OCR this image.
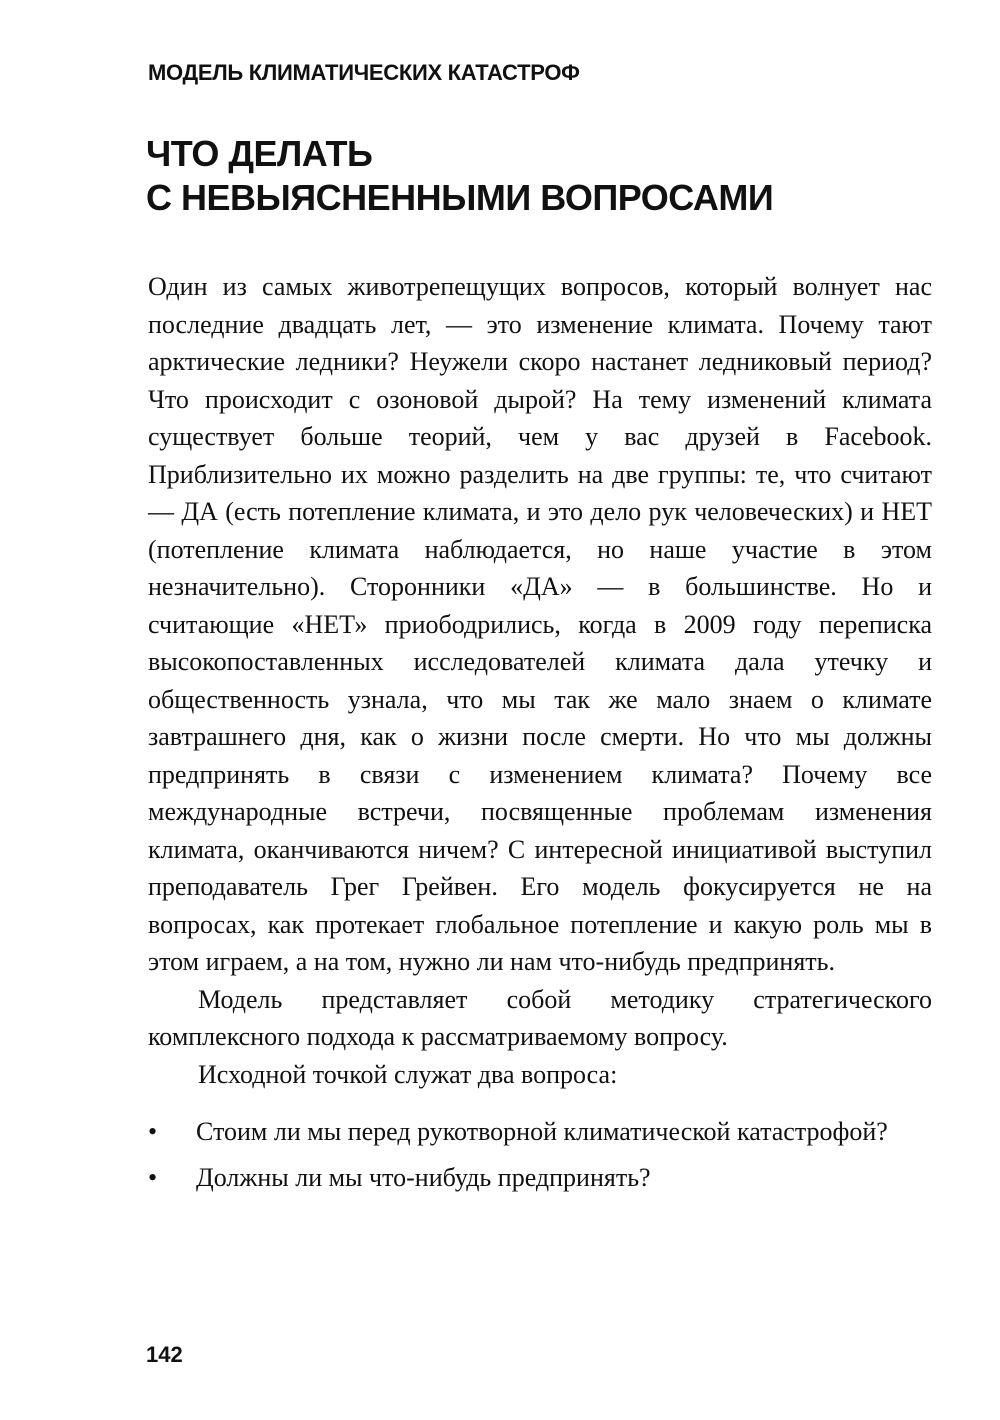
МОДЕЛЬ КЛИМАТИЧЕСКИХ КАТАСТРОФ
ЧТО ДЕЛАТЬ
С НЕВЫЯСНЕННЫМИ ВОПРОСАМИ

Один из самых животрепещущих вопросов, который волнует нас последние двадцать лет, — это изменение климата. Почему тают арктические ледники? Неужели скоро настанет ледниковый период? Что происходит с озоновой дырой? На тему изменений климата существует больше теорий, чем у вас друзей в Facebook. Приблизительно их можно разделить на две группы: те, что считают — ДА (есть потепление климата, и это дело рук человеческих) и НЕТ (потепление климата наблюдается, но наше участие в этом незначительно). Сторонники «ДА» — в большинстве. Но и считающие «НЕТ» приободрились, когда в 2009 году переписка высокопоставленных исследователей климата дала утечку и общественность узнала, что мы так же мало знаем о климате завтрашнего дня, как о жизни после смерти. Но что мы должны предпринять в связи с изменением климата? Почему все международные встречи, посвященные проблемам изменения климата, оканчиваются ничем? С интересной инициативой выступил преподаватель Грег Грейвен. Его модель фокусируется не на вопросах, как протекает глобальное потепление и какую роль мы в этом играем, а на том, нужно ли нам что-нибудь предпринять.

Модель представляет собой методику стратегического комплексного подхода к рассматриваемому вопросу.

Исходной точкой служат два вопроса:

•	Стоим ли мы перед рукотворной климатической катастрофой?
•	Должны ли мы что-нибудь предпринять?
142
